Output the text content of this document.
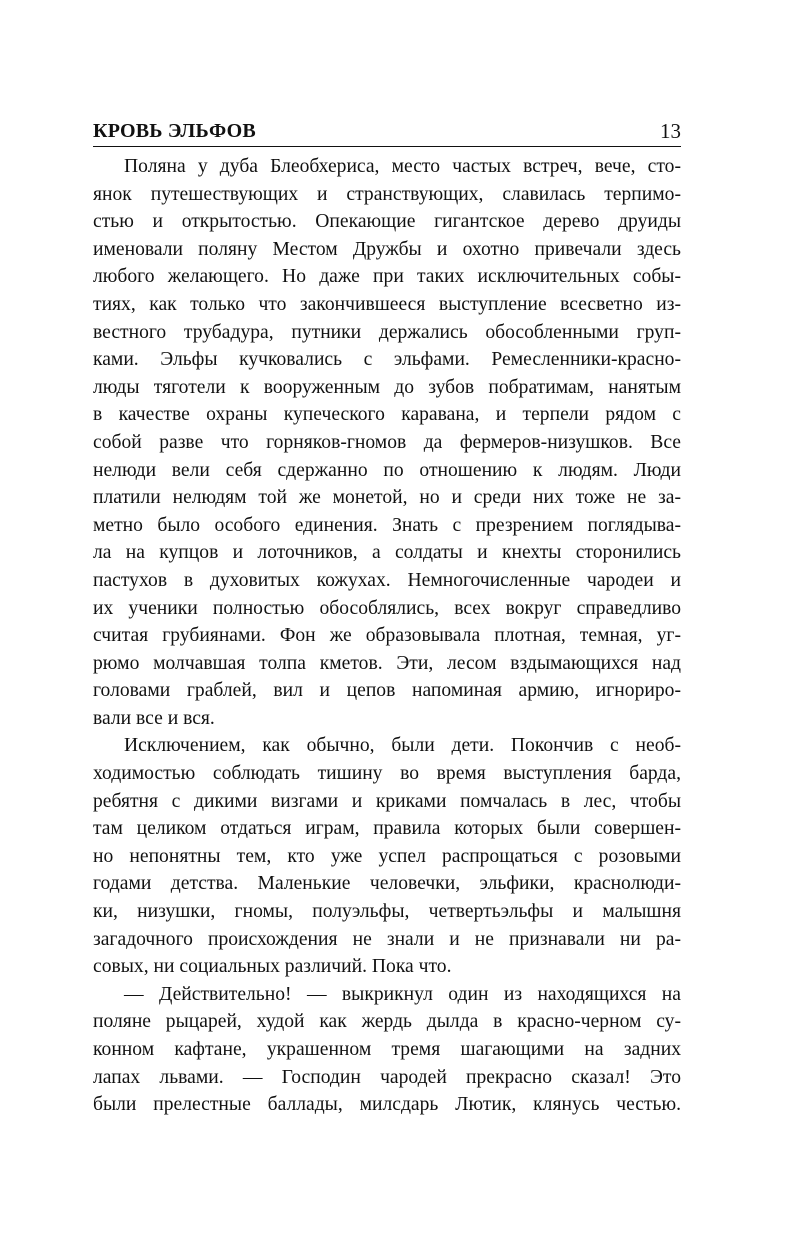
КРОВЬ ЭЛЬФОВ	13
Поляна у дуба Блеобхериса, место частых встреч, вече, сто-
янок путешествующих и странствующих, славилась терпимо-
стью и открытостью. Опекающие гигантское дерево друиды
именовали поляну Местом Дружбы и охотно привечали здесь
любого желающего. Но даже при таких исключительных собы-
тиях, как только что закончившееся выступление всесветно из-
вестного трубадура, путники держались обособленными груп-
ками. Эльфы кучковались с эльфами. Ремесленники-красно-
люды тяготели к вооруженным до зубов побратимам, нанятым
в качестве охраны купеческого каравана, и терпели рядом с
собой разве что горняков-гномов да фермеров-низушков. Все
нелюди вели себя сдержанно по отношению к людям. Люди
платили нелюдям той же монетой, но и среди них тоже не за-
метно было особого единения. Знать с презрением поглядыва-
ла на купцов и лоточников, а солдаты и кнехты сторонились
пастухов в духовитых кожухах. Немногочисленные чародеи и
их ученики полностью обособлялись, всех вокруг справедливо
считая грубиянами. Фон же образовывала плотная, темная, уг-
рюмо молчавшая толпа кметов. Эти, лесом вздымающихся над
головами граблей, вил и цепов напоминая армию, игнориро-
вали все и вся.
Исключением, как обычно, были дети. Покончив с необ-
ходимостью соблюдать тишину во время выступления барда,
ребятня с дикими визгами и криками помчалась в лес, чтобы
там целиком отдаться играм, правила которых были совершен-
но непонятны тем, кто уже успел распрощаться с розовыми
годами детства. Маленькие человечки, эльфики, краснолюди-
ки, низушки, гномы, полуэльфы, четвертьэльфы и малышня
загадочного происхождения не знали и не признавали ни ра-
совых, ни социальных различий. Пока что.
— Действительно! — выкрикнул один из находящихся на
поляне рыцарей, худой как жердь дылда в красно-черном су-
конном кафтане, украшенном тремя шагающими на задних
лапах львами. — Господин чародей прекрасно сказал! Это
были прелестные баллады, милсдарь Лютик, клянусь честью.
